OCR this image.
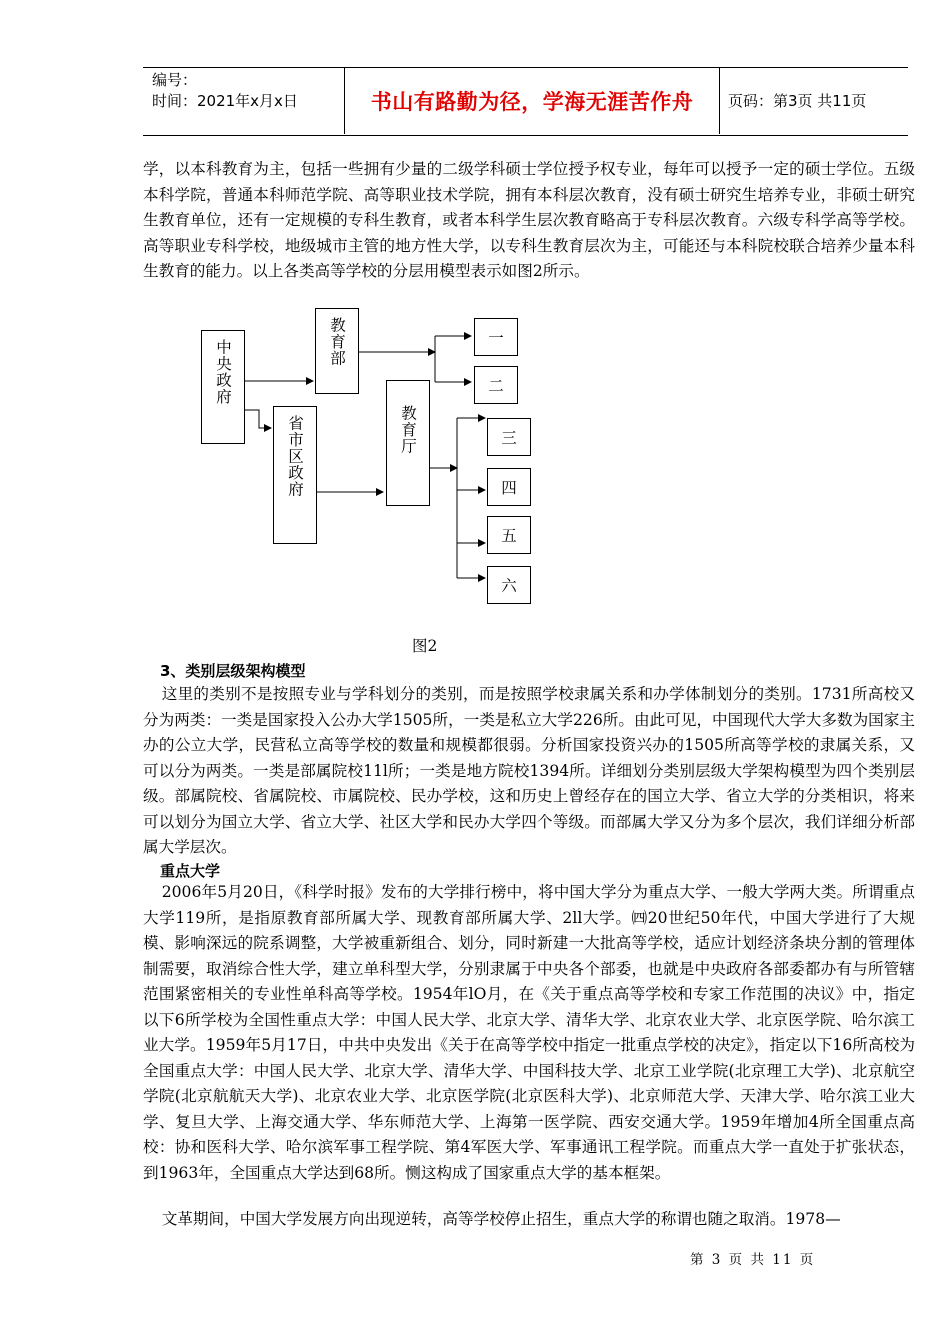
编号：
时间：2021年x月x日	书山有路勤为径，学海无涯苦作舟 页码：第3页 共11页

学，以本科教育为主，包括一些拥有少量的二级学科硕士学位授予权专业，每年可以授予一定的硕士学位。五级本科学院，普通本科师范学院、高等职业技术学院，拥有本科层次教育，没有硕士研究生培养专业，非硕士研究生教育单位，还有一定规模的专科生教育，或者本科学生层次教育略高于专科层次教育。六级专科学高等学校。高等职业专科学校，地级城市主管的地方性大学，以专科生教育层次为主，可能还与本科院校联合培养少量本科生教育的能力。以上各类高等学校的分层用模型表示如图2所示。

中央政府	教育部
省市区政府	教育厅
一
二
三
四
五
六
图2
3、类别层级架构模型

这里的类别不是按照专业与学科划分的类别，而是按照学校隶属关系和办学体制划分的类别。1731所高校又分为两类：一类是国家投入公办大学1505所，一类是私立大学226所。由此可见，中国现代大学大多数为国家主办的公立大学，民营私立高等学校的数量和规模都很弱。分析国家投资兴办的1505所高等学校的隶属关系，又可以分为两类。一类是部属院校11l所；一类是地方院校1394所。详细划分类别层级大学架构模型为四个类别层级。部属院校、省属院校、市属院校、民办学校，这和历史上曾经存在的国立大学、省立大学的分类相识，将来可以划分为国立大学、省立大学、社区大学和民办大学四个等级。而部属大学又分为多个层次，我们详细分析部属大学层次。

重点大学

2006年5月20日，《科学时报》发布的大学排行榜中，将中国大学分为重点大学、一般大学两大类。所谓重点大学119所，是指原教育部所属大学、现教育部所属大学、2ll大学。㈣20世纪50年代，中国大学进行了大规模、影响深远的院系调整，大学被重新组合、划分，同时新建一大批高等学校，适应计划经济条块分割的管理体制需要，取消综合性大学，建立单科型大学，分别隶属于中央各个部委，也就是中央政府各部委都办有与所管辖范围紧密相关的专业性单科高等学校。1954年lO月，在《关于重点高等学校和专家工作范围的决议》中，指定以下6所学校为全国性重点大学：中国人民大学、北京大学、清华大学、北京农业大学、北京医学院、哈尔滨工业大学。1959年5月17日，中共中央发出《关于在高等学校中指定一批重点学校的决定》，指定以下16所高校为全国重点大学：中国人民大学、北京大学、清华大学、中国科技大学、北京工业学院(北京理工大学)、北京航空学院(北京航航天大学)、北京农业大学、北京医学院(北京医科大学)、北京师范大学、天津大学、哈尔滨工业大学、复旦大学、上海交通大学、华东师范大学、上海第一医学院、西安交通大学。1959年增加4所全国重点高校：协和医科大学、哈尔滨军事工程学院、第4军医大学、军事通讯工程学院。而重点大学一直处于扩张状态，到1963年，全国重点大学达到68所。恻这构成了国家重点大学的基本框架。

文革期间，中国大学发展方向出现逆转，高等学校停止招生，重点大学的称谓也随之取消。1978—

第 3 页 共 11 页
